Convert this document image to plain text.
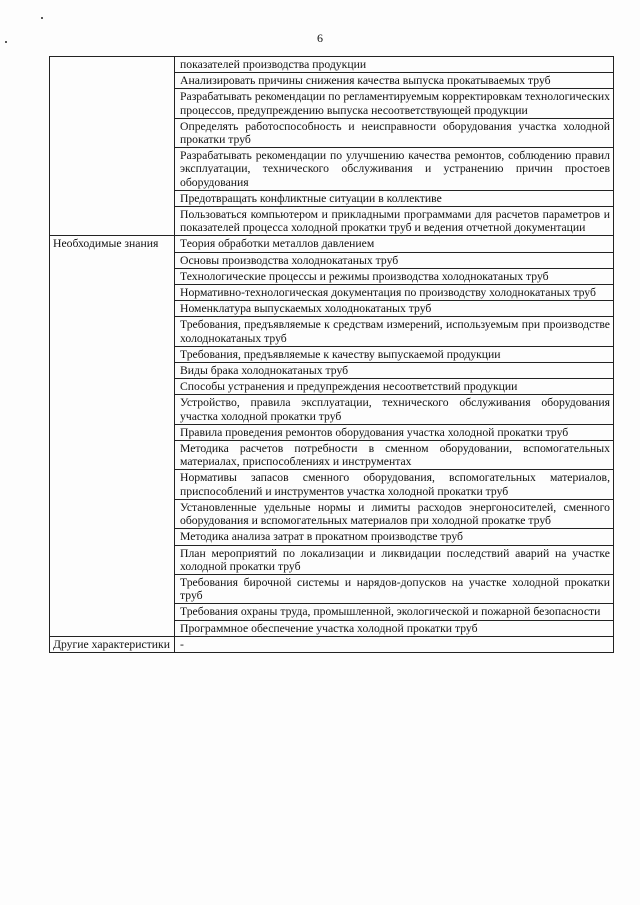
6
	показателей производства продукции
	Анализировать причины снижения качества выпуска прокатываемых труб
	Разрабатывать рекомендации по регламентируемым корректировкам технологических процессов, предупреждению выпуска несоответствующей продукции
	Определять работоспособность и неисправности оборудования участка холодной прокатки труб
	Разрабатывать рекомендации по улучшению качества ремонтов, соблюдению правил эксплуатации, технического обслуживания и устранению причин простоев оборудования
	Предотвращать конфликтные ситуации в коллективе
	Пользоваться компьютером и прикладными программами для расчетов параметров и показателей процесса холодной прокатки труб и ведения отчетной документации
Необходимые знания	Теория обработки металлов давлением
	Основы производства холоднокатаных труб
	Технологические процессы и режимы производства холоднокатаных труб
	Нормативно-технологическая документация по производству холоднокатаных труб
	Номенклатура выпускаемых холоднокатаных труб
	Требования, предъявляемые к средствам измерений, используемым при производстве холоднокатаных труб
	Требования, предъявляемые к качеству выпускаемой продукции
	Виды брака холоднокатаных труб
	Способы устранения и предупреждения несоответствий продукции
	Устройство, правила эксплуатации, технического обслуживания оборудования участка холодной прокатки труб
	Правила проведения ремонтов оборудования участка холодной прокатки труб
	Методика расчетов потребности в сменном оборудовании, вспомогательных материалах, приспособлениях и инструментах
	Нормативы запасов сменного оборудования, вспомогательных материалов, приспособлений и инструментов участка холодной прокатки труб
	Установленные удельные нормы и лимиты расходов энергоносителей, сменного оборудования и вспомогательных материалов при холодной прокатке труб
	Методика анализа затрат в прокатном производстве труб
	План мероприятий по локализации и ликвидации последствий аварий на участке холодной прокатки труб
	Требования бирочной системы и нарядов-допусков на участке холодной прокатки труб
	Требования охраны труда, промышленной, экологической и пожарной безопасности
	Программное обеспечение участка холодной прокатки труб
Другие характеристики	-
